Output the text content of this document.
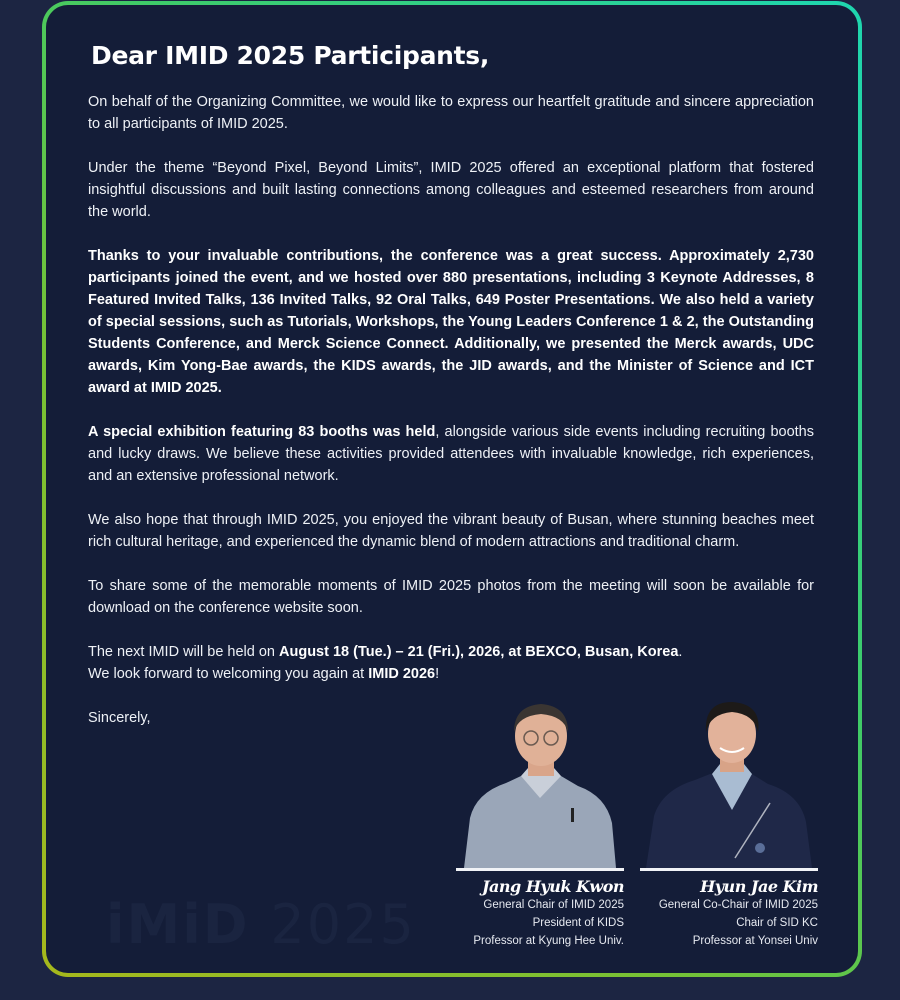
iMiD 2025
Dear IMID 2025 Participants,

On behalf of the Organizing Committee, we would like to express our heartfelt gratitude and sincere appreciation to all participants of IMID 2025.

Under the theme “Beyond Pixel, Beyond Limits”, IMID 2025 offered an exceptional platform that fostered insightful discussions and built lasting connections among colleagues and esteemed researchers from around the world.

Thanks to your invaluable contributions, the conference was a great success. Approximately 2,730 participants joined the event, and we hosted over 880 presentations, including 3 Keynote Addresses, 8 Featured Invited Talks, 136 Invited Talks, 92 Oral Talks, 649 Poster Presentations. We also held a variety of special sessions, such as Tutorials, Workshops, the Young Leaders Conference 1 & 2, the Outstanding Students Conference, and Merck Science Connect. Additionally, we presented the Merck awards, UDC awards, Kim Yong-Bae awards, the KIDS awards, the JID awards, and the Minister of Science and ICT award at IMID 2025.

A special exhibition featuring 83 booths was held, alongside various side events including recruiting booths and lucky draws. We believe these activities provided attendees with invaluable knowledge, rich experiences, and an extensive professional network.

We also hope that through IMID 2025, you enjoyed the vibrant beauty of Busan, where stunning beaches meet rich cultural heritage, and experienced the dynamic blend of modern attractions and traditional charm.

To share some of the memorable moments of IMID 2025 photos from the meeting will soon be available for download on the conference website soon.

The next IMID will be held on August 18 (Tue.) – 21 (Fri.), 2026, at BEXCO, Busan, Korea.
We look forward to welcoming you again at IMID 2026!

Sincerely,

Jang Hyuk Kwon
General Chair of IMID 2025
President of KIDS
Professor at Kyung Hee Univ.
Hyun Jae Kim
General Co-Chair of IMID 2025
Chair of SID KC
Professor at Yonsei Univ
